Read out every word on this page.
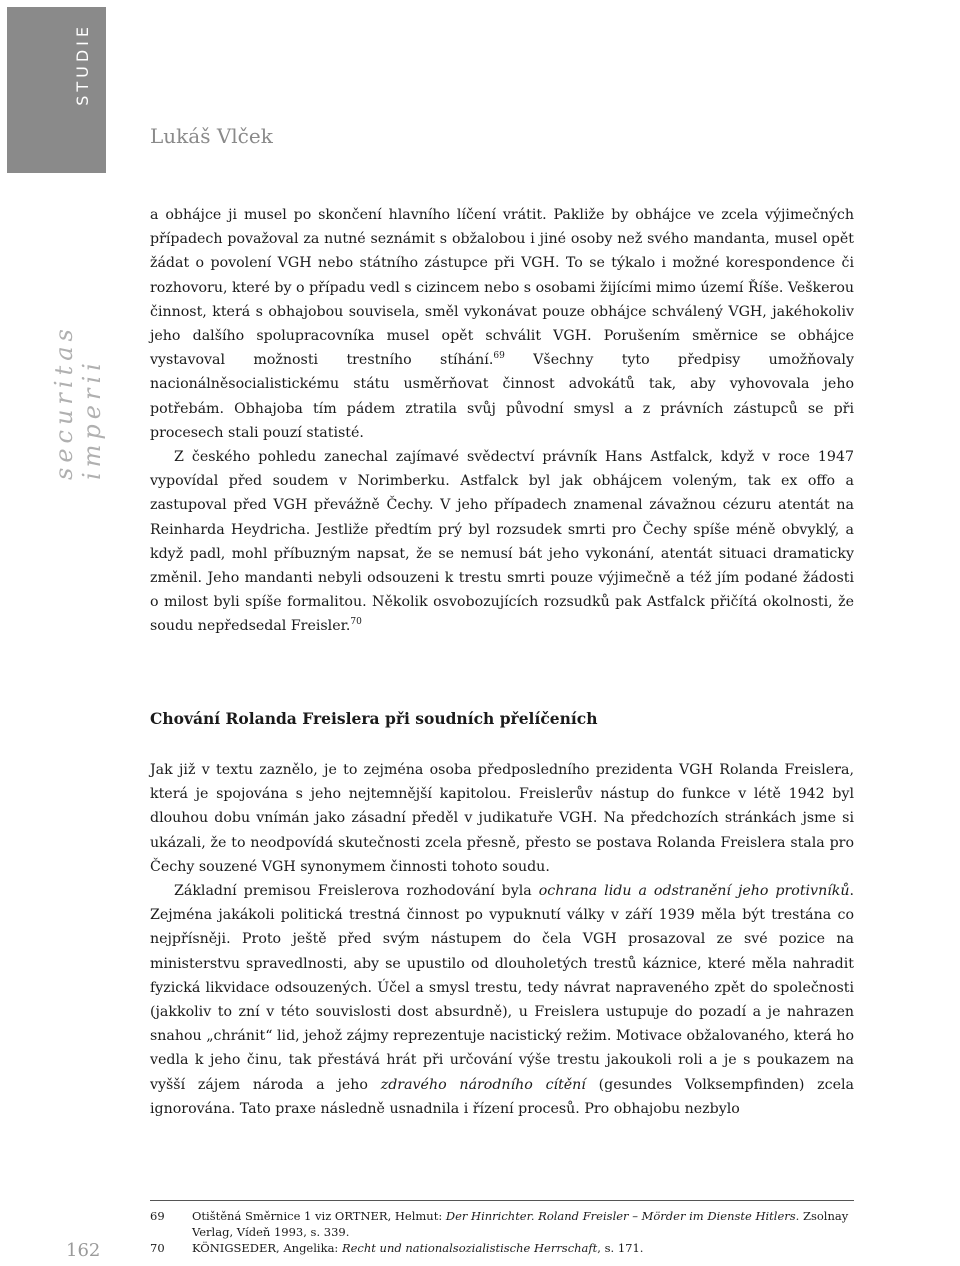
STUDIE
securitas imperii
Lukáš Vlček

a obhájce ji musel po skončení hlavního líčení vrátit. Pakliže by obhájce ve zcela výjimečných případech považoval za nutné seznámit s obžalobou i jiné osoby než svého mandanta, musel opět žádat o povolení VGH nebo státního zástupce při VGH. To se týkalo i možné korespondence či rozhovoru, které by o případu vedl s cizincem nebo s osobami žijícími mimo území Říše. Veškerou činnost, která s obhajobou souvisela, směl vykonávat pouze obhájce schválený VGH, jakéhokoliv jeho dalšího spolupracovníka musel opět schválit VGH. Porušením směrnice se obhájce vystavoval možnosti trestního stíhání.$^{69}$ Všechny tyto předpisy umožňovaly nacionálněsocialistickému státu usměrňovat činnost advokátů tak, aby vyhovovala jeho potřebám. Obhajoba tím pádem ztratila svůj původní smysl a z právních zástupců se při procesech stali pouzí statisté.

Z českého pohledu zanechal zajímavé svědectví právník Hans Astfalck, když v roce 1947 vypovídal před soudem v Norimberku. Astfalck byl jak obhájcem voleným, tak ex offo a zastupoval před VGH převážně Čechy. V jeho případech znamenal závažnou cézuru atentát na Reinharda Heydricha. Jestliže předtím prý byl rozsudek smrti pro Čechy spíše méně obvyklý, a když padl, mohl příbuzným napsat, že se nemusí bát jeho vykonání, atentát situaci dramaticky změnil. Jeho mandanti nebyli odsouzeni k trestu smrti pouze výjimečně a též jím podané žádosti o milost byli spíše formalitou. Několik osvobozujících rozsudků pak Astfalck přičítá okolnosti, že soudu nepředsedal Freisler.$^{70}$

Chování Rolanda Freislera při soudních přelíčeních

Jak již v textu zaznělo, je to zejména osoba předposledního prezidenta VGH Rolanda Freislera, která je spojována s jeho nejtemnější kapitolou. Freislerův nástup do funkce v létě 1942 byl dlouhou dobu vnímán jako zásadní předěl v judikatuře VGH. Na předchozích stránkách jsme si ukázali, že to neodpovídá skutečnosti zcela přesně, přesto se postava Rolanda Freislera stala pro Čechy souzené VGH synonymem činnosti tohoto soudu.

Základní premisou Freislerova rozhodování byla ochrana lidu a odstranění jeho protivníků. Zejména jakákoli politická trestná činnost po vypuknutí války v září 1939 měla být trestána co nejpřísněji. Proto ještě před svým nástupem do čela VGH prosazoval ze své pozice na ministerstvu spravedlnosti, aby se upustilo od dlouholetých trestů káznice, které měla nahradit fyzická likvidace odsouzených. Účel a smysl trestu, tedy návrat napraveného zpět do společnosti (jakkoliv to zní v této souvislosti dost absurdně), u Freislera ustupuje do pozadí a je nahrazen snahou „chránit“ lid, jehož zájmy reprezentuje nacistický režim. Motivace obžalovaného, která ho vedla k jeho činu, tak přestává hrát při určování výše trestu jakoukoli roli a je s poukazem na vyšší zájem národa a jeho zdravého národního cítění (gesundes Volksempfinden) zcela ignorována. Tato praxe následně usnadnila i řízení procesů. Pro obhajobu nezbylo

69	Otištěná Směrnice 1 viz ORTNER, Helmut: Der Hinrichter. Roland Freisler – Mörder im Dienste Hitlers. Zsolnay Verlag, Vídeň 1993, s. 339.
70	KÖNIGSEDER, Angelika: Recht und nationalsozialistische Herrschaft, s. 171.
162
